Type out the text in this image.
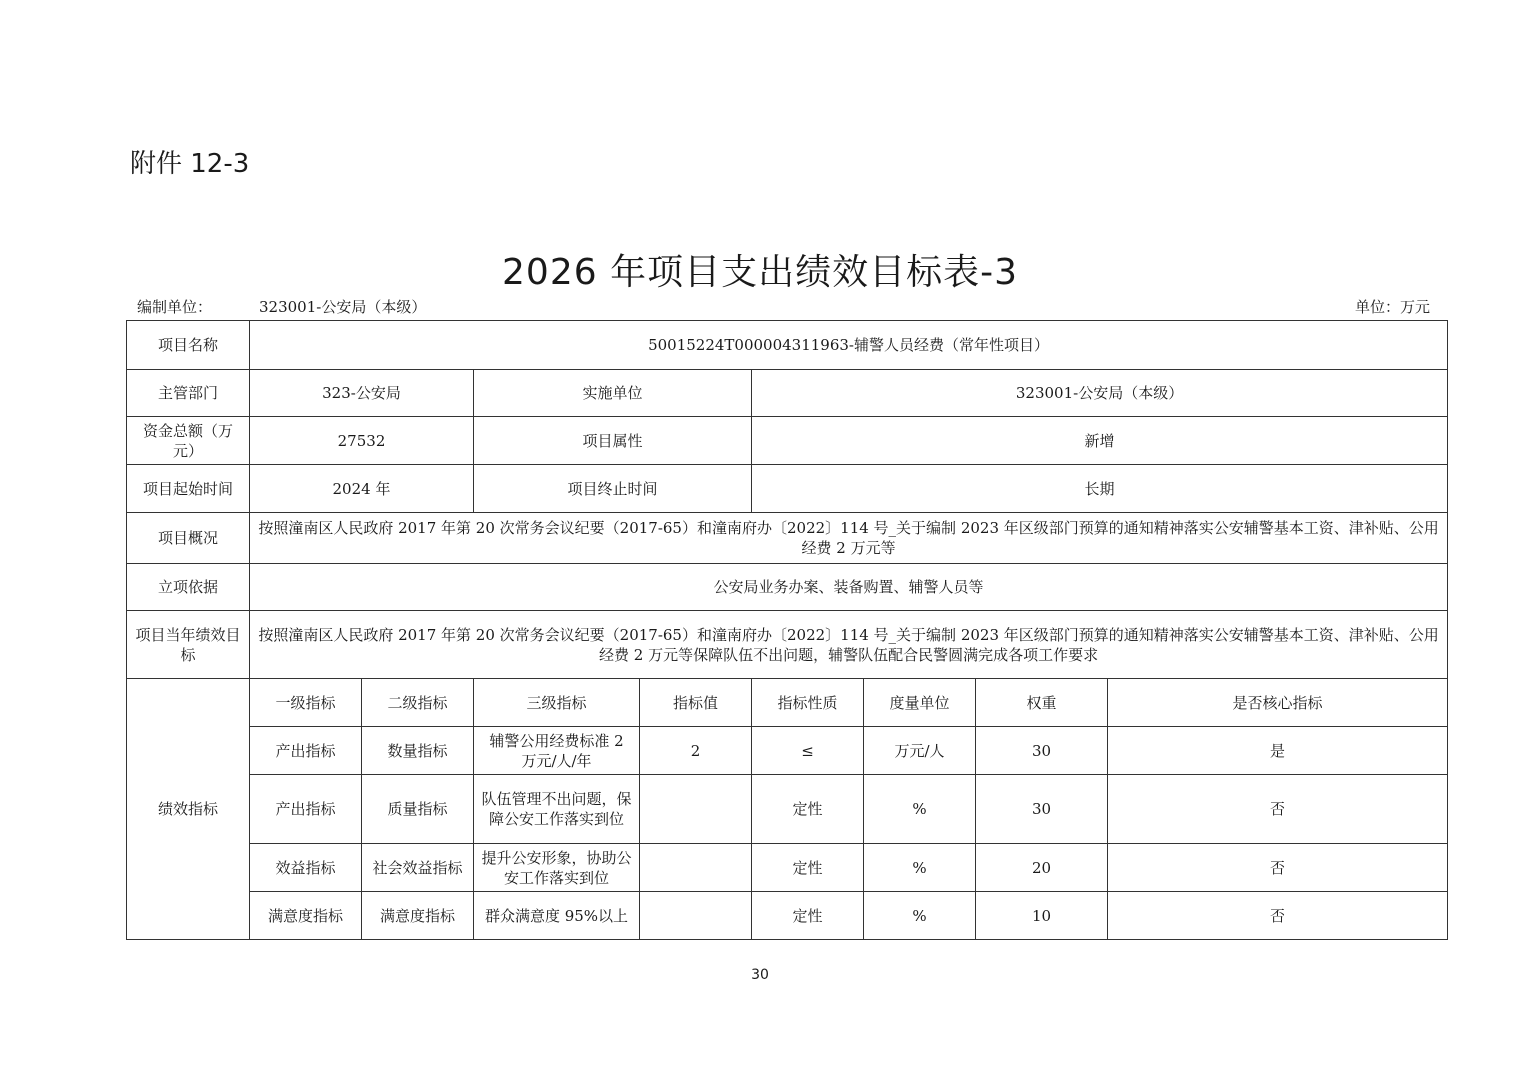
附件 12-3
2026 年项目支出绩效目标表-3
编制单位：	323001-公安局（本级）	单位：万元
项目名称	50015224T000004311963-辅警人员经费（常年性项目）							
主管部门	323-公安局		实施单位		323001-公安局（本级）			
资金总额（万元）	27532		项目属性		新增			
项目起始时间	2024 年		项目终止时间		长期			
项目概况	按照潼南区人民政府 2017 年第 20 次常务会议纪要（2017-65）和潼南府办〔2022〕114 号_关于编制 2023 年区级部门预算的通知精神落实公安辅警基本工资、津补贴、公用经费 2 万元等							
立项依据	公安局业务办案、装备购置、辅警人员等							
项目当年绩效目标	按照潼南区人民政府 2017 年第 20 次常务会议纪要（2017-65）和潼南府办〔2022〕114 号_关于编制 2023 年区级部门预算的通知精神落实公安辅警基本工资、津补贴、公用经费 2 万元等保障队伍不出问题，辅警队伍配合民警圆满完成各项工作要求							
绩效指标	一级指标	二级指标	三级指标	指标值	指标性质	度量单位	权重	是否核心指标
	产出指标	数量指标	辅警公用经费标准 2 万元/人/年	2	≤	万元/人	30	是
	产出指标	质量指标	队伍管理不出问题，保障公安工作落实到位		定性	%	30	否
	效益指标	社会效益指标	提升公安形象，协助公安工作落实到位		定性	%	20	否
	满意度指标	满意度指标	群众满意度 95%以上		定性	%	10	否
30
